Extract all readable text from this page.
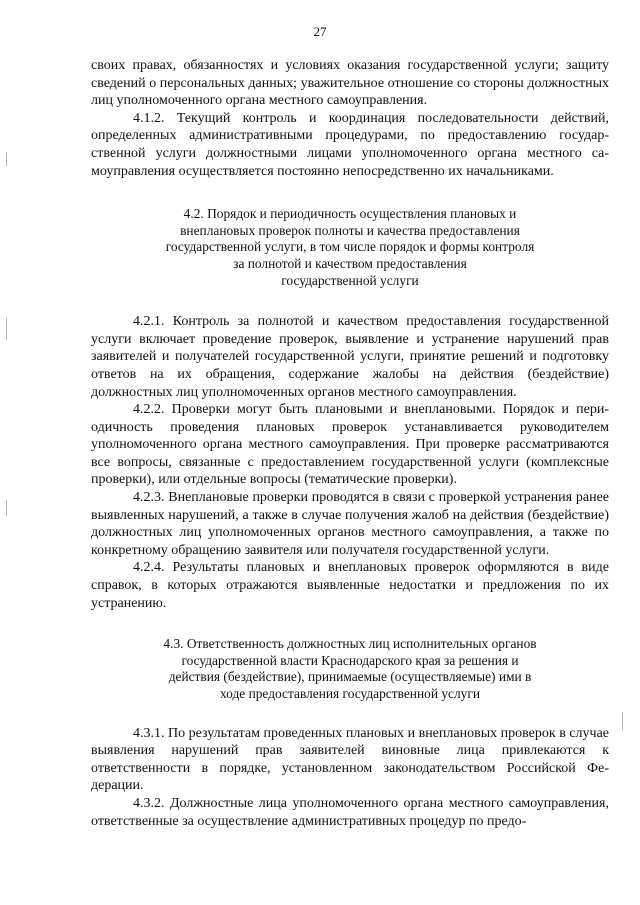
27

своих правах, обязанностях и условиях оказания государственной услуги; защиту сведений о персональных данных; уважительное отношение со стороны должностных лиц уполномоченного органа местного самоуправления.

4.1.2. Текущий контроль и координация последовательности действий, определенных административными процедурами, по предоставлению государственной услуги должностными лицами уполномоченного органа местного самоуправления осуществляется постоянно непосредственно их начальниками.

4.2. Порядок и периодичность осуществления плановых и
внеплановых проверок полноты и качества предоставления
государственной услуги, в том числе порядок и формы контроля
за полнотой и качеством предоставления
государственной услуги

4.2.1. Контроль за полнотой и качеством предоставления государственной услуги включает проведение проверок, выявление и устранение нарушений прав заявителей и получателей государственной услуги, принятие решений и подготовку ответов на их обращения, содержание жалобы на действия (бездействие) должностных лиц уполномоченных органов местного самоуправления.

4.2.2. Проверки могут быть плановыми и внеплановыми. Порядок и периодичность проведения плановых проверок устанавливается руководителем уполномоченного органа местного самоуправления. При проверке рассматриваются все вопросы, связанные с предоставлением государственной услуги (комплексные проверки), или отдельные вопросы (тематические проверки).

4.2.3. Внеплановые проверки проводятся в связи с проверкой устранения ранее выявленных нарушений, а также в случае получения жалоб на действия (бездействие) должностных лиц уполномоченных органов местного самоуправления, а также по конкретному обращению заявителя или получателя государственной услуги.

4.2.4. Результаты плановых и внеплановых проверок оформляются в виде справок, в которых отражаются выявленные недостатки и предложения по их устранению.

4.3. Ответственность должностных лиц исполнительных органов
государственной власти Краснодарского края за решения и
действия (бездействие), принимаемые (осуществляемые) ими в
ходе предоставления государственной услуги

4.3.1. По результатам проведенных плановых и внеплановых проверок в случае выявления нарушений прав заявителей виновные лица привлекаются к ответственности в порядке, установленном законодательством Российской Федерации.

4.3.2. Должностные лица уполномоченного органа местного самоуправления, ответственные за осуществление административных процедур по предо-
